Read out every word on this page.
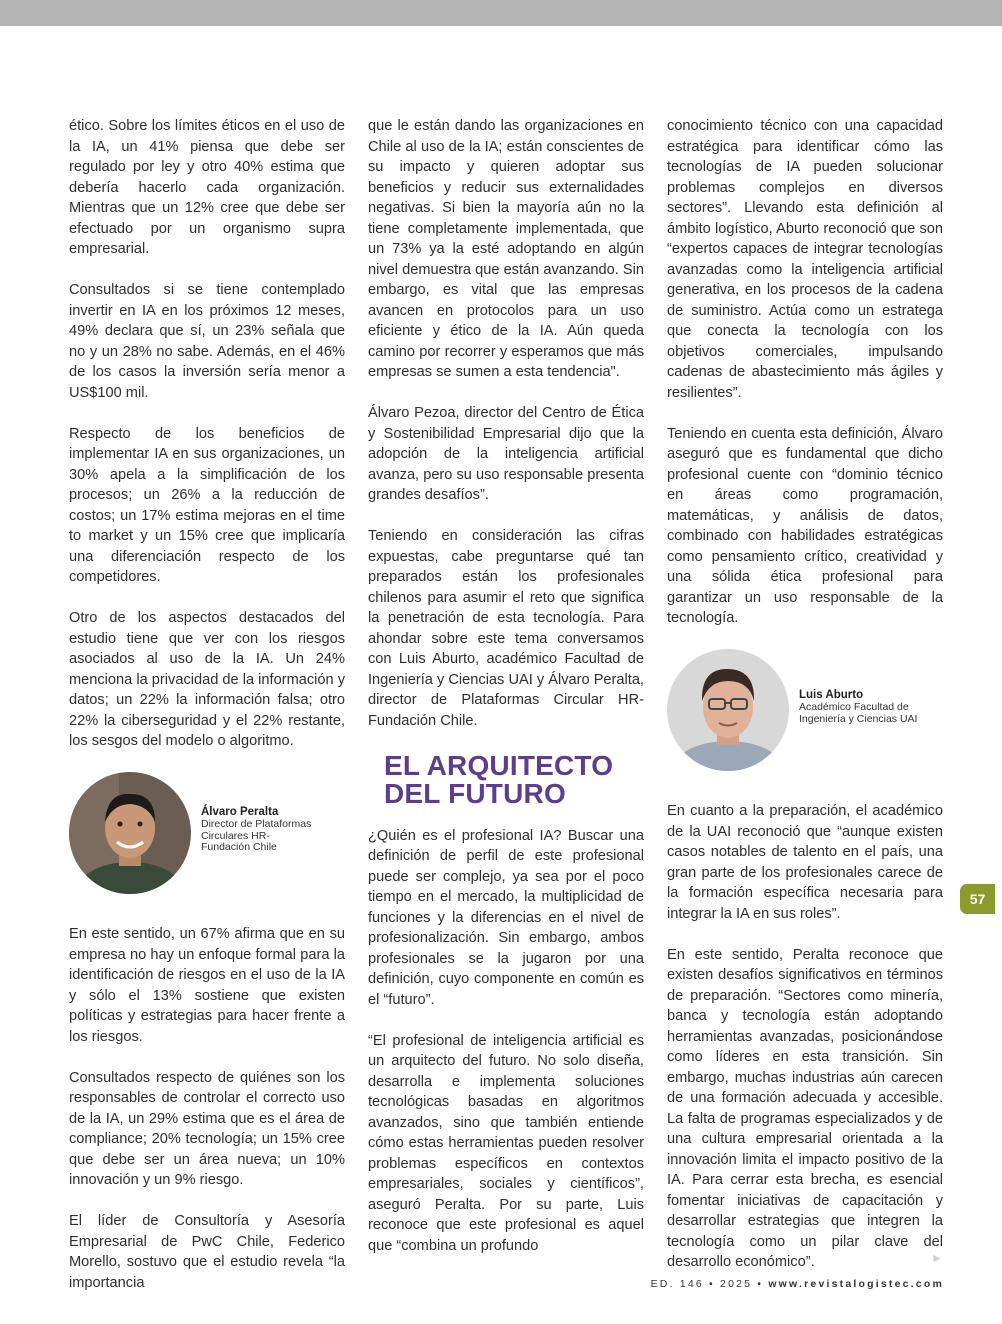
ético. Sobre los límites éticos en el uso de la IA, un 41% piensa que debe ser regulado por ley y otro 40% estima que debería hacerlo cada organización. Mientras que un 12% cree que debe ser efectuado por un organismo supra empresarial.

Consultados si se tiene contemplado invertir en IA en los próximos 12 meses, 49% declara que sí, un 23% señala que no y un 28% no sabe. Además, en el 46% de los casos la inversión sería menor a US$100 mil.

Respecto de los beneficios de implementar IA en sus organizaciones, un 30% apela a la simplificación de los procesos; un 26% a la reducción de costos; un 17% estima mejoras en el time to market y un 15% cree que implicaría una diferenciación respecto de los competidores.

Otro de los aspectos destacados del estudio tiene que ver con los riesgos asociados al uso de la IA. Un 24% menciona la privacidad de la información y datos; un 22% la información falsa; otro 22% la ciberseguridad y el 22% restante, los sesgos del modelo o algoritmo.

Álvaro Peralta
Director de Plataformas
Circulares HR-
Fundación Chile

En este sentido, un 67% afirma que en su empresa no hay un enfoque formal para la identificación de riesgos en el uso de la IA y sólo el 13% sostiene que existen políticas y estrategias para hacer frente a los riesgos.

Consultados respecto de quiénes son los responsables de controlar el correcto uso de la IA, un 29% estima que es el área de compliance; 20% tecnología; un 15% cree que debe ser un área nueva; un 10% innovación y un 9% riesgo.

El líder de Consultoría y Asesoría Empresarial de PwC Chile, Federico Morello, sostuvo que el estudio revela “la importancia

que le están dando las organizaciones en Chile al uso de la IA; están conscientes de su impacto y quieren adoptar sus beneficios y reducir sus externalidades negativas. Si bien la mayoría aún no la tiene completamente implementada, que un 73% ya la esté adoptando en algún nivel demuestra que están avanzando. Sin embargo, es vital que las empresas avancen en protocolos para un uso eficiente y ético de la IA. Aún queda camino por recorrer y esperamos que más empresas se sumen a esta tendencia".

Álvaro Pezoa, director del Centro de Ética y Sostenibilidad Empresarial dijo que la adopción de la inteligencia artificial avanza, pero su uso responsable presenta grandes desafíos”.

Teniendo en consideración las cifras expuestas, cabe preguntarse qué tan preparados están los profesionales chilenos para asumir el reto que significa la penetración de esta tecnología. Para ahondar sobre este tema conversamos con Luis Aburto, académico Facultad de Ingeniería y Ciencias UAI y Álvaro Peralta, director de Plataformas Circular HR-Fundación Chile.

EL ARQUITECTO
DEL FUTURO

¿Quién es el profesional IA? Buscar una definición de perfil de este profesional puede ser complejo, ya sea por el poco tiempo en el mercado, la multiplicidad de funciones y la diferencias en el nivel de profesionalización. Sin embargo, ambos profesionales se la jugaron por una definición, cuyo componente en común es el “futuro”.

“El profesional de inteligencia artificial es un arquitecto del futuro. No solo diseña, desarrolla e implementa soluciones tecnológicas basadas en algoritmos avanzados, sino que también entiende cómo estas herramientas pueden resolver problemas específicos en contextos empresariales, sociales y científicos”, aseguró Peralta. Por su parte, Luis reconoce que este profesional es aquel que “combina un profundo

conocimiento técnico con una capacidad estratégica para identificar cómo las tecnologías de IA pueden solucionar problemas complejos en diversos sectores”. Llevando esta definición al ámbito logístico, Aburto reconoció que son “expertos capaces de integrar tecnologías avanzadas como la inteligencia artificial generativa, en los procesos de la cadena de suministro. Actúa como un estratega que conecta la tecnología con los objetivos comerciales, impulsando cadenas de abastecimiento más ágiles y resilientes”.

Teniendo en cuenta esta definición, Álvaro aseguró que es fundamental que dicho profesional cuente con “dominio técnico en áreas como programación, matemáticas, y análisis de datos, combinado con habilidades estratégicas como pensamiento crítico, creatividad y una sólida ética profesional para garantizar un uso responsable de la tecnología.

Luis Aburto
Académico Facultad de
Ingeniería y Ciencias UAI

En cuanto a la preparación, el académico de la UAI reconoció que “aunque existen casos notables de talento en el país, una gran parte de los profesionales carece de la formación específica necesaria para integrar la IA en sus roles”.

En este sentido, Peralta reconoce que existen desafíos significativos en términos de preparación. “Sectores como minería, banca y tecnología están adoptando herramientas avanzadas, posicionándose como líderes en esta transición. Sin embargo, muchas industrias aún carecen de una formación adecuada y accesible. La falta de programas especializados y de una cultura empresarial orientada a la innovación limita el impacto positivo de la IA. Para cerrar esta brecha, es esencial fomentar iniciativas de capacitación y desarrollar estrategias que integren la tecnología como un pilar clave del desarrollo económico”.

57
►
ED. 146 • 2025 • www.revistalogistec.com
